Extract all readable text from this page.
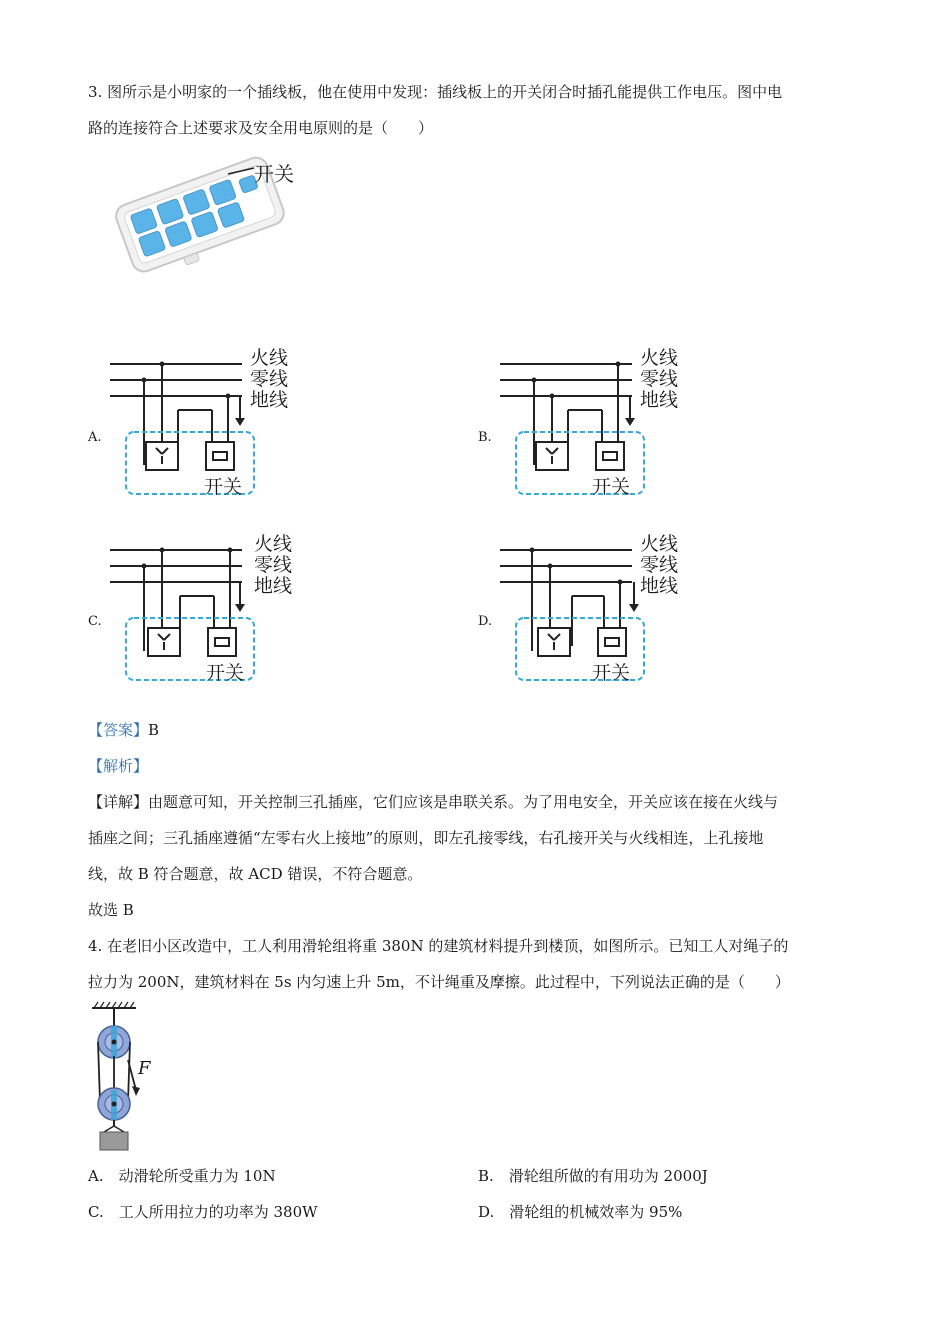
3. 图所示是小明家的一个插线板，他在使用中发现：插线板上的开关闭合时插孔能提供工作电压。图中电
路的连接符合上述要求及安全用电原则的是（　　）
开关
A.
火线
零线
地线
开关
B.
火线
零线
地线
开关
C.
火线
零线
地线
开关
D.
火线
零线
地线
开关
【答案】B
【解析】
【详解】由题意可知，开关控制三孔插座，它们应该是串联关系。为了用电安全，开关应该在接在火线与
插座之间；三孔插座遵循“左零右火上接地”的原则，即左孔接零线，右孔接开关与火线相连，上孔接地
线，故 B 符合题意，故 ACD 错误，不符合题意。
故选 B
4. 在老旧小区改造中，工人利用滑轮组将重 380N 的建筑材料提升到楼顶，如图所示。已知工人对绳子的
拉力为 200N，建筑材料在 5s 内匀速上升 5m，不计绳重及摩擦。此过程中，下列说法正确的是（　　）
F
A.　动滑轮所受重力为 10N	B.　滑轮组所做的有用功为 2000J
C.　工人所用拉力的功率为 380W	D.　滑轮组的机械效率为 95%
